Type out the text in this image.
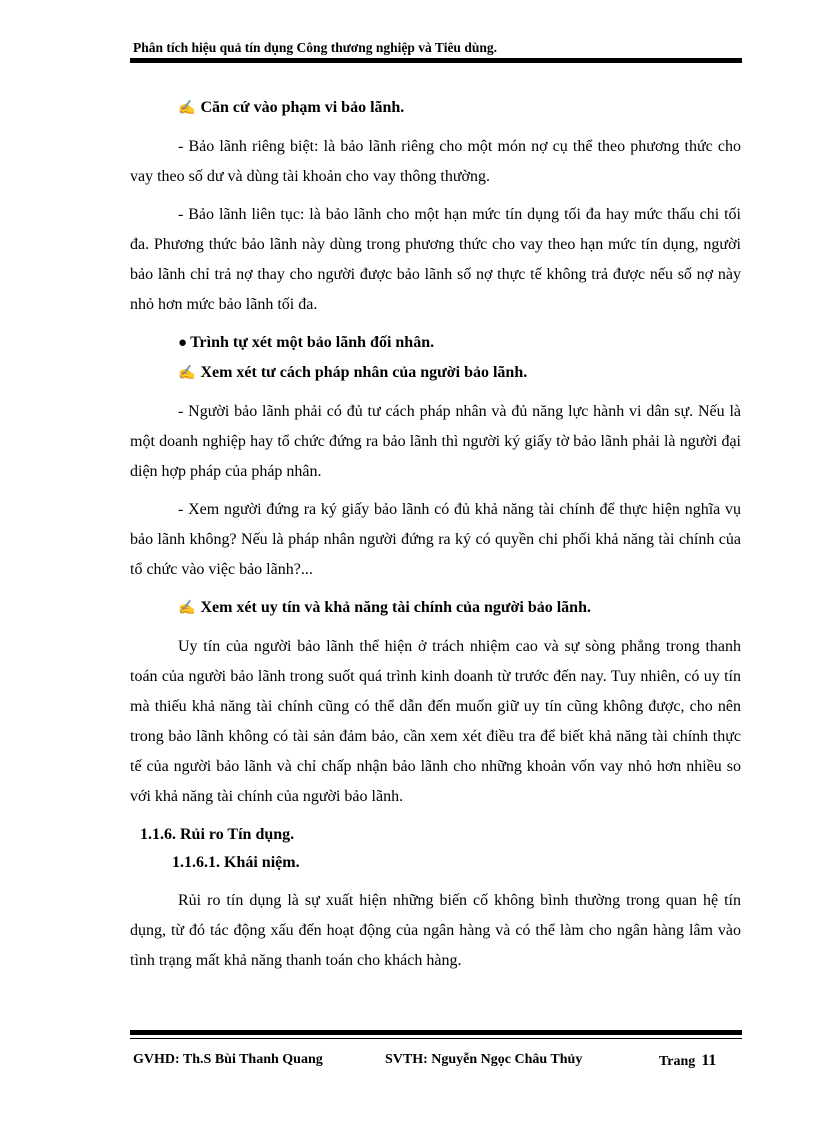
Phân tích hiệu quả tín dụng Công thương nghiệp và Tiêu dùng.

✍ Căn cứ vào phạm vi bảo lãnh.

- Bảo lãnh riêng biệt: là bảo lãnh riêng cho một món nợ cụ thể theo phương thức cho vay theo số dư và dùng tài khoản cho vay thông thường.

- Bảo lãnh liên tục: là bảo lãnh cho một hạn mức tín dụng tối đa hay mức thấu chi tối đa. Phương thức bảo lãnh này dùng trong phương thức cho vay theo hạn mức tín dụng, người bảo lãnh chỉ trả nợ thay cho người được bảo lãnh số nợ thực tế không trả được nếu số nợ này nhỏ hơn mức bảo lãnh tối đa.

● Trình tự xét một bảo lãnh đối nhân.

✍ Xem xét tư cách pháp nhân của người bảo lãnh.

- Người bảo lãnh phải có đủ tư cách pháp nhân và đủ năng lực hành vi dân sự. Nếu là một doanh nghiệp hay tổ chức đứng ra bảo lãnh thì người ký giấy tờ bảo lãnh phải là người đại diện hợp pháp của pháp nhân.

- Xem người đứng ra ký giấy bảo lãnh có đủ khả năng tài chính để thực hiện nghĩa vụ bảo lãnh không? Nếu là pháp nhân người đứng ra ký có quyền chi phối khả năng tài chính của tổ chức vào việc bảo lãnh?...

✍ Xem xét uy tín và khả năng tài chính của người bảo lãnh.

Uy tín của người bảo lãnh thể hiện ở trách nhiệm cao và sự sòng phẳng trong thanh toán của người bảo lãnh trong suốt quá trình kinh doanh từ trước đến nay. Tuy nhiên, có uy tín mà thiếu khả năng tài chính cũng có thể dẫn đến muốn giữ uy tín cũng không được, cho nên trong bảo lãnh không có tài sản đảm bảo, cần xem xét điều tra để biết khả năng tài chính thực tế của người bảo lãnh và chỉ chấp nhận bảo lãnh cho những khoản vốn vay nhỏ hơn nhiều so với khả năng tài chính của người bảo lãnh.

1.1.6. Rủi ro Tín dụng.

1.1.6.1. Khái niệm.

Rủi ro tín dụng là sự xuất hiện những biến cố không bình thường trong quan hệ tín dụng, từ đó tác động xấu đến hoạt động của ngân hàng và có thể làm cho ngân hàng lâm vào tình trạng mất khả năng thanh toán cho khách hàng.

GVHD: Th.S Bùi Thanh Quang	SVTH: Nguyễn Ngọc Châu Thủy	Trang 11
